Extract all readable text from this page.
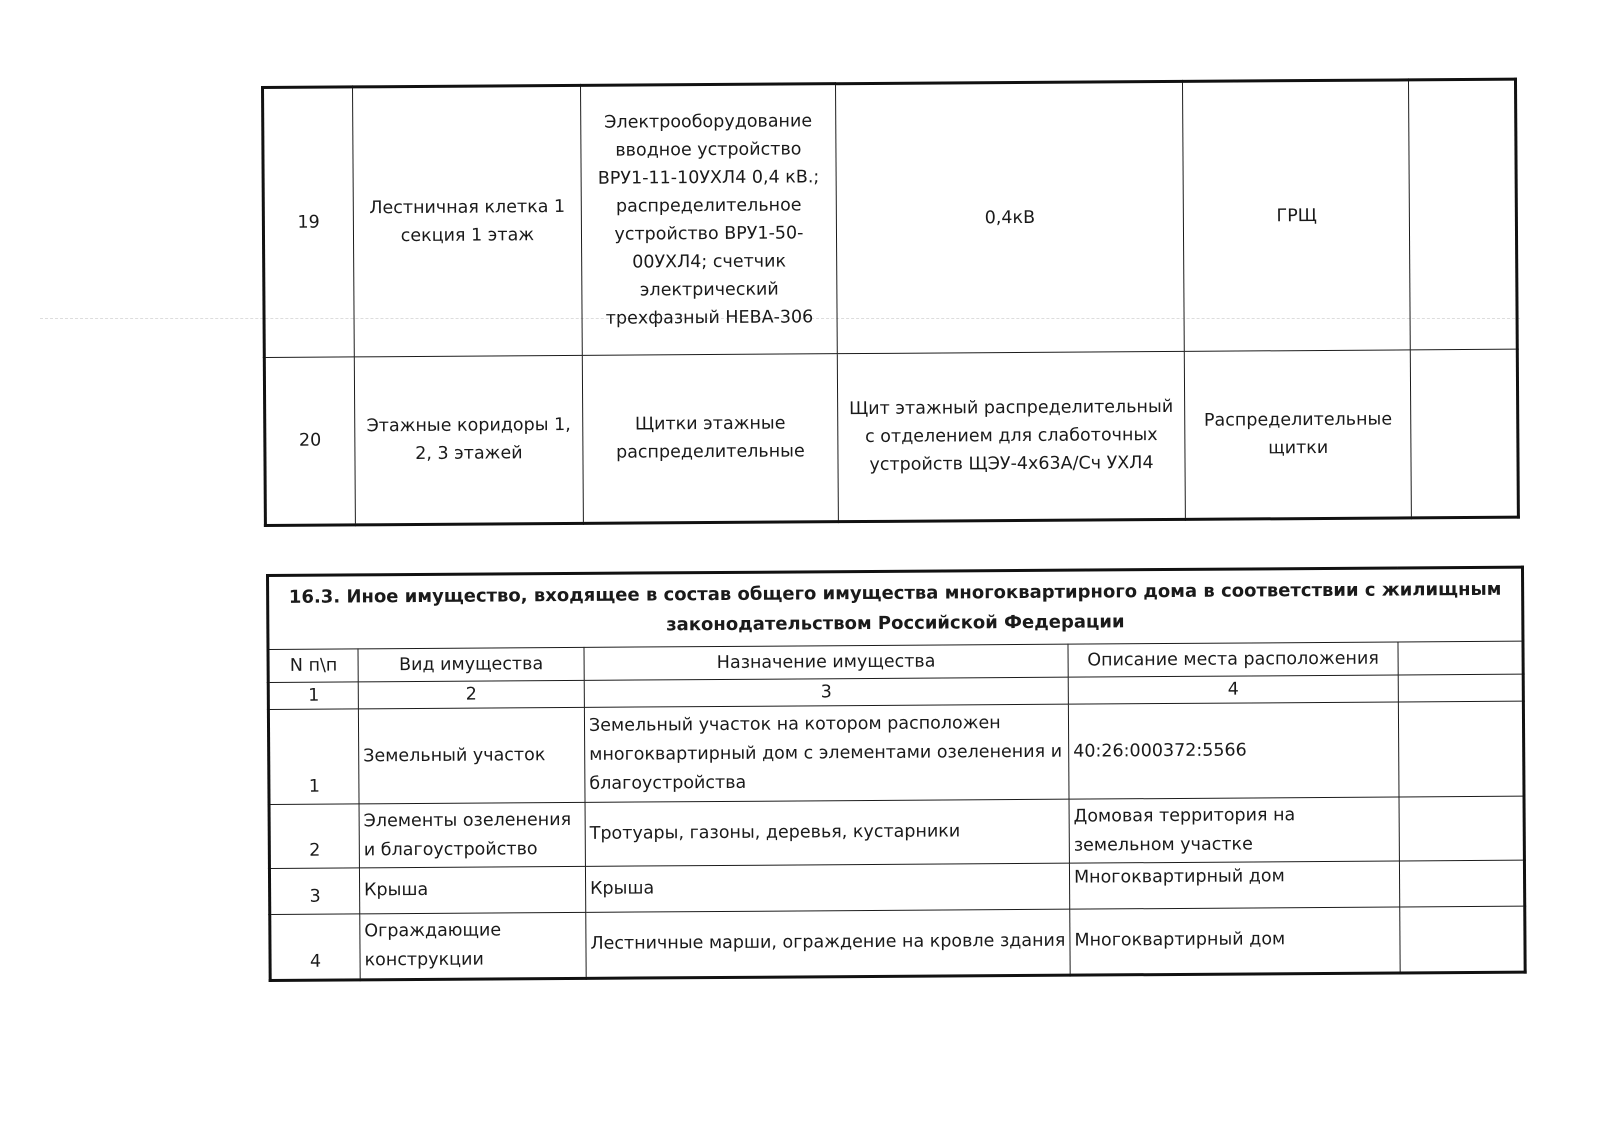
19	Лестничная клетка 1 секция 1 этаж	Электрооборудование вводное устройство ВРУ1-11-10УХЛ4 0,4 кВ.; распределительное устройство ВРУ1-50-00УХЛ4; счетчик электрический трехфазный НЕВА-306	0,4кВ	ГРЩ	
20	Этажные коридоры 1, 2, 3 этажей	Щитки этажные распределительные	Щит этажный распределительный с отделением для слаботочных устройств ЩЭУ-4х63А/Сч УХЛ4	Распределительные щитки	
16.3. Иное имущество, входящее в состав общего имущества многоквартирного дома в соответствии с жилищным законодательством Российской Федерации				
N п\п	Вид имущества	Назначение имущества	Описание места расположения	
1	2	3	4	
1	Земельный участок	Земельный участок на котором расположен многоквартирный дом с элементами озеленения и благоустройства	40:26:000372:5566	
2	Элементы озеленения и благоустройство	Тротуары, газоны, деревья, кустарники	Домовая территория на земельном участке	
3	Крыша	Крыша	Многоквартирный дом	
4	Ограждающие конструкции	Лестничные марши, ограждение на кровле здания	Многоквартирный дом	
